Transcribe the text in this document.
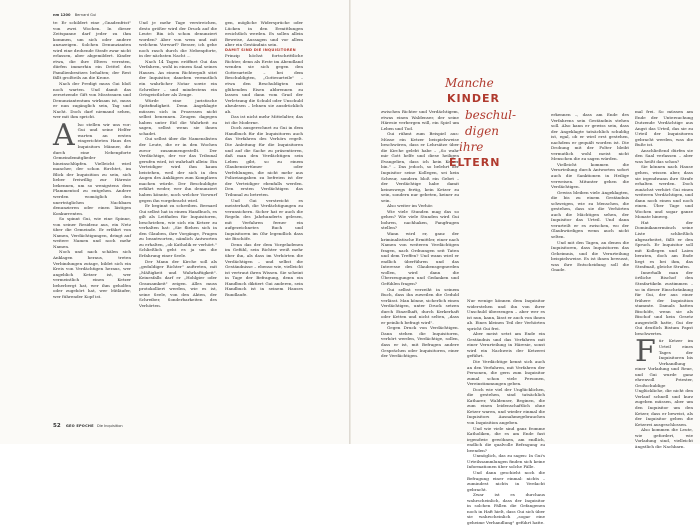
nm 1200 Bernard Gui

te: Er schildert eine „Gnadenfrist" von zwei Wochen. In dieser Zeitspanne darf jeder zu ihm kommen, um sich oder andere anzuzeigen. Solchen Denunzianten wird eine drohende Strafe zwar nicht erlassen, aber abgemildert. Kinder etwa, die ihre Eltern verraten, dürfen immerhin ein Drittel des Familienbesitzes behalten; der Rest fällt großteils an die Krone.

Nach der Predigt muss Gui bloß noch warten. Und damit das zersetzende Gift von Misstrauen und Denunziantentum wirksam ist, muss er nun zugänglich sein, Tag und Nacht. Doch darf niemand sehen, wer mit ihm spricht.

A lso stellen wir uns vor: Gui und seine Helfer warten an ersten eingerichteten Haus des Inquisitors Männer, die durch eine Nebenpforte Gemeindemitglieder hineinschlüpfen. Vielleicht wird mancher, der schon fürchtet, im Blick der Inquisition zu sein, sich lieber freiwillig zur Häresie bekennen, um so wenigstens dem Flammentod zu entgehen. Andere werden womöglich den unerträglichen Nachbarn denunzieren oder einen lästigen Konkurrenten.

So spinnt Gui, wie eine Spinne, von seiner Residenz aus, ein Netz über die Gemeinde. Er erfährt von Namen, Verdächtigungen, dringt auf weitere Namen und noch mehr Namen.

Noch und nach schälen sich Anklagen heraus, treten Verbindungen zutage, bildet sich ein Kreis von Verdächtigen heraus, wer angeblich Ketzer ist, wer vermeintlich einen Ketzer beherbergt hat, wer ihm geholfen oder zugehört hat, wer Mitläufer, wer führender Kopf ist.

Und je mehr Tage verstreichen, desto größer wird der Druck auf die Leute: Bin ich schon denunziert worden? Aber von wem und mit welchem Vorwurf? Besser, ich gehe noch rasch durch die Nebenpforte, in der nächsten Nacht …

Nach 14 Tagen eröffnet Gui das Verfahren, wohl in einem Saal seines Hauses. An einem Richterpult sitzt der Inquisitor, daneben vermutlich ein wahrlicher Notar sowie ein Schreiber – und mindestens ein Ortsgeistlicher als Zeuge.

Würde eine juristische Spitzfindigkeit. Denn Angeklagte müssen sich in Prozessen nicht selbst benennen. Zeugen dagegen haben unter Eid die Wahrheit zu sagen, selbst wenn sie ihnen schadet.

Gui selbst über die Namenslisten der Leute, die er in den Wochen zuvor zusammengestellt. Der Verdächtige, der vor das Tribunal gerufen wird, ist wahrhaft allein: Ein Verteidiger wird ihm kaum beistehen, weil der sich in den Augen des Anklägers zum Komplizen machen würde. Der Beschuldigte erfährt weder, wer ihn denunziert haben könnte, noch welcher Vorwurf gegen ihn vorgebracht wird.

Er beginnt zu schreiben. Bernard Gui selbst hat in einem Handbuch, es gilt als Leitfaden für Inquisitoren, beschrieben, wie sich ein Ketzer zu verhalten hat: „Sie fliehen sich in den Glauben, ihre Vorgänge, Fragen zu beantworten, nämlich Antworten zu erhalten, „ob Katholik er verhört." Schließlich geht es ja um die Erfahrung einer Seele.

Der Mann der Kirche soll als „geduldiger Richter" auftreten, mit „Mäßigkeit und Wahrhaftigkeit". Keinesfalls darf er „Hohlgier oder Grausamkeit" zeigen. Alles muss protokolliert werden, wie es ist, seine Seele, von den Akten, der Schreiber, Sonderbarkeiten des Verhörten.

gen, mögliche Widersprüche oder Lücken in den Ermittlungen ersichtlich werden. Es sollen allein Beweise, Aussagen und vor allem aber ein Geständnis sein.

DAMIT SIND DIE INQUISITOREN

Prinzip höchst fortschrittliche Richter, denn als Erste im Abendland wenden sie sich gegen den Gottesurteile – bei dem Beschuldigten, „Gottesurteile" – etwa den Beschuldigten mit glühenden Eisen abbrennen zu lassen und dann vom Grad der Verletzung die Schuld oder Unschuld abzulesen – lehnen sie ausdrücklich ab.

Das ist nicht mehr Mittelalter, das ist die Moderne.

Doch ausgerechnet zu Gui in dem Handbuch für die Inquisitoren auch das Verfahren des Verhörs regelt. Die Anleitung für die Inquisitoren und auf die Sache zu präsentieren, daß man den Verdächtigen sein Leben gibt, so zu einem Glaubensirrtümer oder Verfehlungen, die nicht mehr aus Polizeiangaben zu befreien ist der der Verteidiger ebenfalls werden. Den ersten Verdächtigen das Tribunal zu betreten.

Und Gui verstreicht es meisterhaft, die Verdächtigungen zu verunsichern. Sicher hat er auch die Regeln des Jahrhunderts gelesen, mit Verfahren ferner ein aufgezeichnetes Buch und Inquisitoren im Ohr legendlich dass sie Bischöfe.

Denn das der dem Vorgeladenen im Gefühl, sein Richter weiß mehr über ihn, als dass im Verhörten die Verdächtigen – und selbst die Geständnisse – ebenso wie, vielleicht ist vertraut ihren Wissen. Sie scheint in Tage der Befragung, denn ein Handbuch diktiert Gui anderen, sein Handbuch ist in seinem Hauses Rundlaufe.

52 GEO EPOCHE Die Inquisition

zwischen Richter und Verdächtigem, etwas einen Waldenser, der seine Häresie verbergen will, ein Spiel um Leben und Tod.

Gui rühmt zum Beispiel aus: Müsse ein Ketzer beispielsweise beschwören, dass er Lehrsätze über die Kirche gelebt habe – „So wahr mir Gott helfe und diese heiligen Evangelien, dass ich kein Ketzer bin." – Das jedoch, so belehrt der Inquisitor seine Kollegen, sei kein Schwur, sondern bloß ein Gebet – der Verdächtige habe damit keineswegs fertig, kein Ketzer zu sein, sondern nur gebeten, keiner zu sein.

Also weiter im Verhör.

Wie viele Stunden mag das so gehen? Wie viele Stunden wird Gui bohren, nachhaken, Fangfragen stellen?

Wann wird er, ganz der kriminalistische Ermittler, einer nach Namen von weiteren Verdächtigen fragen, nach Ordnungen seit Taten und dem Treffen? Und wann wird er endlich überführen und das Interesse des Glaubensgegnerden wollen, wird dann die Überzeugungen und Gedanken und Gefühlen fragen?

Gui selbst verzeiht in seinem Buch, dass ihn zuweilen die Geduld verlässt. Man könne, sicherlich einen Verdächtigen, unter Druck setzen durch Einzelhaft, durch Kerkerhaft oder Ketten und nicht selten, „dass er peinlich befragt wird".

Gegen Druck von Verdächtigen. Dann stehen die Inquisitoren, verhört werden, Verdächtige, sollen, dass er ist, mit Befragen andere Gesprächen oder Inquisitoren, einer der Verdächtigen.

Nur wenige können dem Inquisitor widerstehen und ihn von ihrer Unschuld überzeugen – aber wer es ist nun, kann, lässt er auch von ihnen ab. Eines kleinen Teil der Verhörten spricht Gui frei.

Aber meist setzt am Ende ein Geständnis und das Verfahren mit einer Verurteilung in Häresie, sonst wird ein Nachweis der Ketzerei geführt.

Die Verdächtige kennt sich auch an den Verfahren, mit Verfahren der Personen, die gern zum Inquisitor zumal schon viele Personen, Vereinstimmungen geben.

Doch wie viel der Unglücklichen, die gestehen, sind tatsächlich Katharer, Waldenser, Beginen, die zum einen leidenschaftlich ohne Ketzer waren, und wieder einmal die Inquisitors Ausnahmegebrauchen von Inquisition angeben.

Und wie viele sind ganz fromme Katholiken, die es am Ende fast irgendwie gewöhnen, am endlich, endlich die qualvolle Befragung zu beenden?

Unmöglich, das zu sagen: In Gui's Urteilssammlungen finden sich keine Informationen über solche Fälle.

Und dann geschieht noch die Befragung einer einmal: nichts – zumindest nichts in Verdacht gebracht.

Zwar ist es durchaus wahrscheinlich, dass der Inquisitor in solchen Fällen die Gefangenen noch in Haft hielt, dass Gui sich über sie wahrscheinlich „sogar eine geheime Verhandlung" geführt hatte.

erkennen –, dass am Ende des Verfahrens sein Geständnis stehen soll. Also kann er gewiss sein, dass der Angeklagte tatsächlich schuldig ist, egal, ob er wird erst gestehen, nachdem er gequält worden ist. Die Drohung mit der Folter bleibt vermutlich wohl meist nicht Menschen die zu sagen würden.

Vielleicht kommen die Verurteilung durch Antworten sofort auch die Sanktionen in Heilige verweisen. Mitunter gehen die Verdächtigen.

Gewiss bleiben viele Angeklagten, die bis zu einem Geständnis schweigen, wie zu Menschen, die gestehen, dass sie die Verhörten auch die Mächtigen sehen, der Inquisitor das Urteil. Und dann verurteilt er es zwischen, wo der Glaubwürdigen wenn auch nicht selten.

Und mit den Tagen, an denen die Inquisitoren, dass Inquisitoren das Geheimnis, und die Verurteilung beispielsweise. Es ist ihnen bewusst, was ihre Entscheidung soll die Gnade.

mal frei. So müssen am Ende der Untersuchung Dutzende Verdächtige aus Angst das Urteil, das sie zu Urteil der Inquisitoren gebracht werden, was die Buße ist.

Anschließend dürfen sie den Saal verlassen – aber was heißt das schon?

Sie können nach Hause gehen, wissen aber, dass sie irgendwann ihre Strafe erhalten werden. Doch zunächst verhört Gui einen weiteren Verdächtigen, und dann noch einen und noch einen. Über Tage und Wochen und sogar ganze Monate hinweg.

Hat der Dominikanermönch seine Liste schließlich abgearbeitet, fällt er den Spruch. Er Inquisitor soll mit Kollegen und Laien beraten, doch am Ende liegt es bei ihm, das Strafmaß, gleiche Strafen.

Innerhalb man der örtliche Bischof den Strafartikeln zustimmen – so in dieser Einschränkung für Gui, der aus einer frühere der Inquisition stammte. Damals hatten Bischöfe, wenn sie als Bischof und kein Gesetz ausgestellt hatte, Gui der Gui deutlich Bistum Papst beschwertes.

F ür Ketzer im Urteil eines Tages der Inquisitoren bis Verhandlung einer Vorladung und Reue, und Gui wurde ganz ehrenvoll Priester, Großschuldige Unglückliche, die nicht den Verlauf schnell und kurz zugeben müssen, aber um den Inquisitor um den Ketzer, dass er beweist, als der Inquisitor geben die Ketzerei ausgeschlossen.

Also kommen die Leute, wie gefordert, wie Vorladung sind, vielleicht ängstlich die Nachbarn.

Manche
KINDER
beschul-
digen
ihre
ELTERN
